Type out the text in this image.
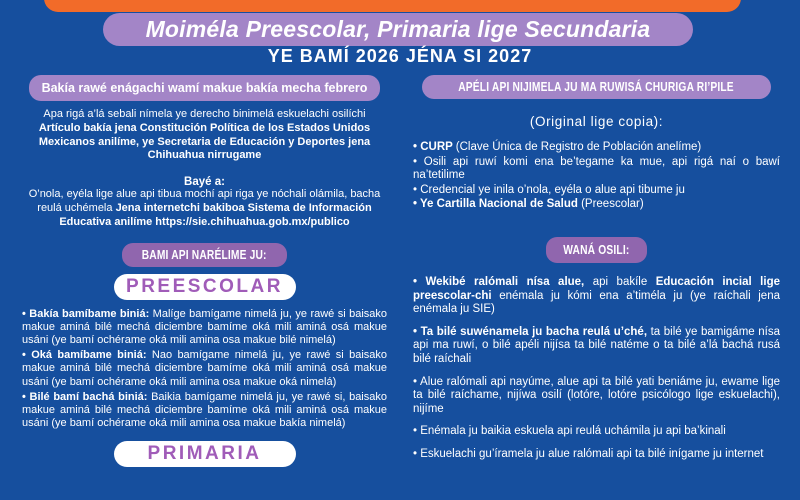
Moiméla Preescolar, Primaria lige Secundaria
YE BAMÍ 2026 JÉNA SI 2027
Bakía rawé enágachi wamí makue bakía mecha febrero

Apa rigá a’lá sebali nímela ye derecho binimelá eskuelachi osilíchi Artículo bakía jena Constitución Política de los Estados Unidos Mexicanos anilíme, ye Secretaria de Educación y Deportes jena Chihuahua nirrugame

Bayé a:

O’nola, eyéla lige alue api tibua mochí api riga ye nóchali olámila, bacha reulá uchémela Jena internetchi bakiboa Sistema de Información Educativa anilíme https://sie.chihuahua.gob.mx/publico

BAMI API NARÉLIME JU:
PREESCOLAR

• Bakía bamíbame biniá: Malíge bamígame nimelá ju, ye rawé si baisako makue aminá bilé mechá diciembre bamíme oká mili aminá osá makue usáni (ye bamí ochérame oká mili amina osa makue bilé nimelá)

• Oká bamíbame biniá: Nao bamígame nimelá ju, ye rawé si baisako makue aminá bilé mechá diciembre bamíme oká mili aminá osá makue usáni (ye bamí ochérame oká mili amina osa makue oká nimelá)

• Bilé bamí bachá biniá: Baikia bamígame nimelá ju, ye rawé si, baisako makue aminá bilé mechá diciembre bamíme oká mili aminá osá makue usáni (ye bamí ochérame oká mili amina osa makue bakía nimelá)

PRIMARIA
APÉLI API NIJIMELA JU MA RUWISÁ CHURIGA RI’PILE

(Original lige copia):

• CURP (Clave Única de Registro de Población anelíme)

• Osili api ruwí komi ena be’tegame ka mue, api rigá naí o bawí na’tetilime

• Credencial ye inila o’nola, eyéla o alue api tibume ju

• Ye Cartilla Nacional de Salud (Preescolar)

WANÁ OSILI:

• Wekibé ralómali nísa alue, api bakíle Educación incial lige preescolar-chi enémala ju kómi ena a’timéla ju (ye raíchali jena enémala ju SIE)

• Ta bilé suwénamela ju bacha reulá u’ché, ta bilé ye bamigáme nísa api ma ruwí, o bilé apéli nijísa ta bilé natéme o ta bilé a’lá bachá rusá bilé raíchali

• Alue ralómali api nayúme, alue api ta bilé yati beniáme ju, ewame lige ta bilé raíchame, nijíwa osilí (lotóre, lotóre psicólogo lige eskuelachi), nijíme

• Enémala ju baikia eskuela api reulá uchámila ju api ba’kinali

• Eskuelachi gu’íramela ju alue ralómali api ta bilé inígame ju internet
